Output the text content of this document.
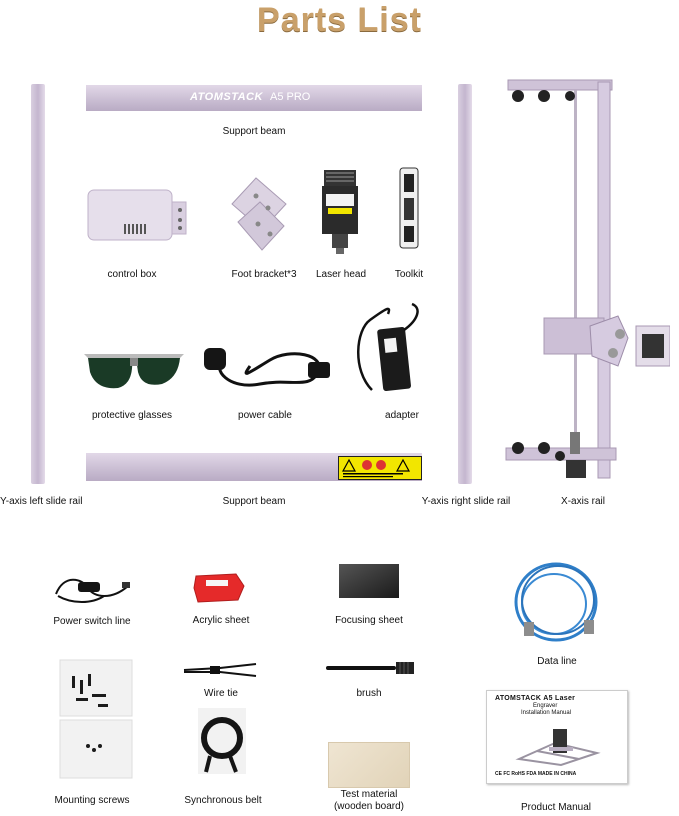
Parts List
ATOMSTACK A5 PRO
Support beam
Support beam
Y-axis left slide rail	Y-axis right slide rail	X-axis rail
control box	Foot bracket*3	Laser head	Toolkit
protective glasses	power cable	adapter
Power switch line	Acrylic sheet	Focusing sheet
Data line
Mounting screws
Wire tie	brush
Synchronous belt
Test material
(wooden board)
ATOMSTACK A5 Laser
Engraver
Installation Manual
CE FC RoHS FDA MADE IN CHINA
Product Manual
